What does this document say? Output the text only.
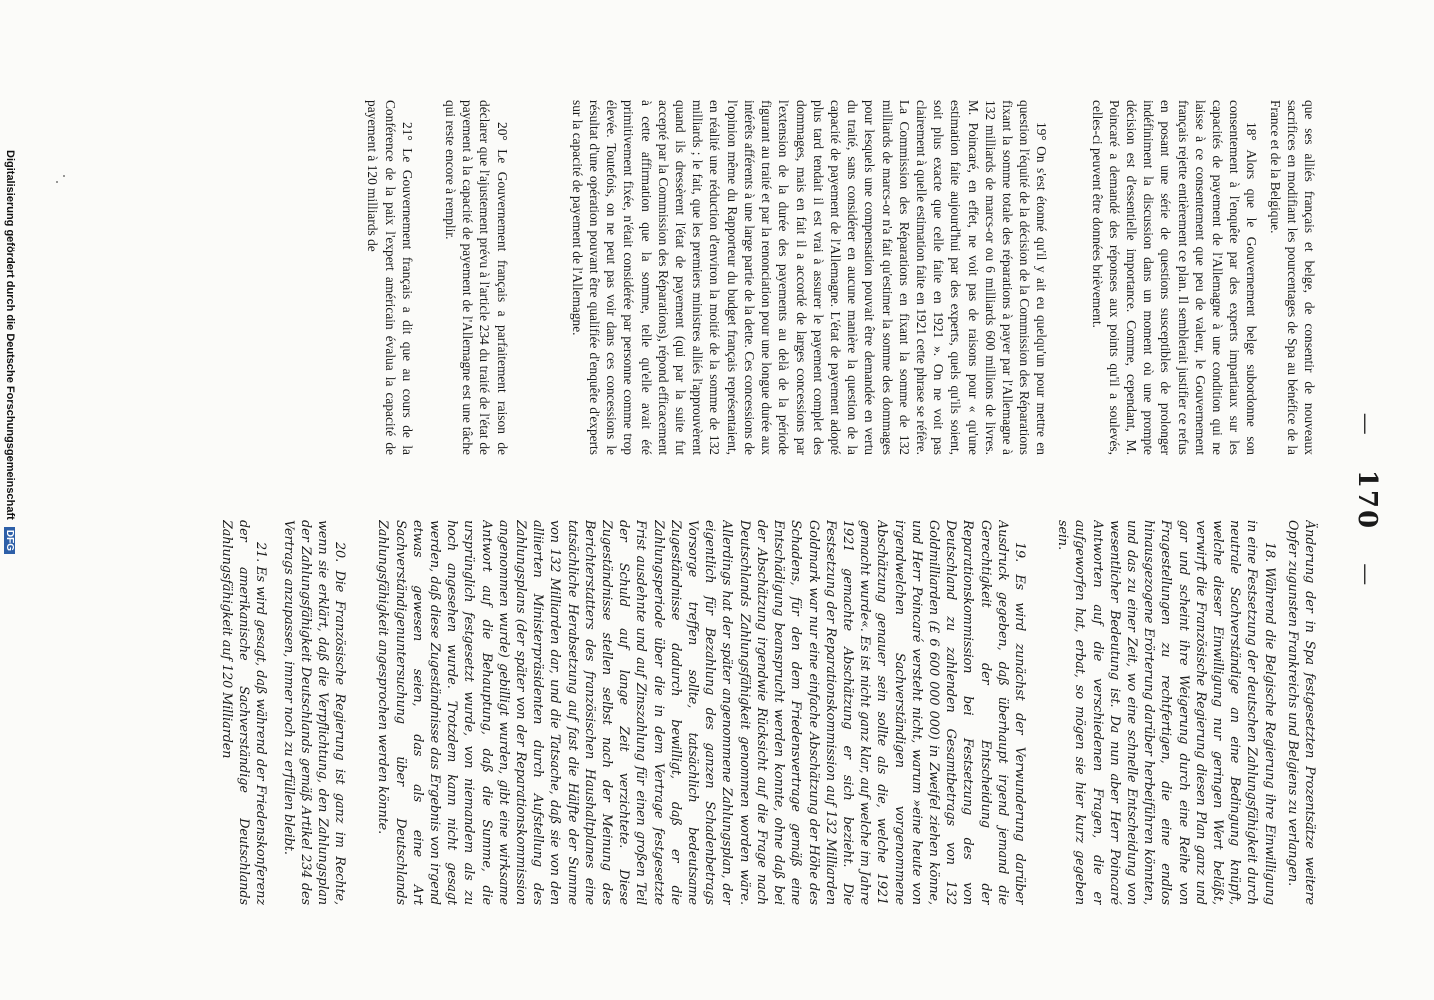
—   170   —

que ses alliés français et belge, de consentir de nouveaux sacrifices en modifiant les pourcentages de Spa au bénéfice de la France et de la Belgique.

18° Alors que le Gouvernement belge subordonne son consentement à l'enquête par des experts impartiaux sur les capacités de payement de l'Allemagne à une condition qui ne laisse à ce consentement que peu de valeur, le Gouvernement français rejette entièrement ce plan. Il semblerait justifier ce refus en posant une série de questions susceptibles de prolonger indéfiniment la discussion dans un moment où une prompte décision est d'essentielle importance. Comme, cependant, M. Poincaré a demandé des réponses aux points qu'il a soulevés, celles-ci peuvent être données brièvement.

19° On s'est étonné qu'il y ait eu quelqu'un pour mettre en question l'équité de la décision de la Commission des Réparations fixant la somme totale des réparations à payer par l'Allemagne à 132 milliards de marcs-or ou 6 milliards 600 millions de livres. M. Poincaré, en effet, ne voit pas de raisons pour « qu'une estimation faite aujourd'hui par des experts, quels qu'ils soient, soit plus exacte que celle faite en 1921 ». On ne voit pas clairement à quelle estimation faite en 1921 cette phrase se réfère. La Commission des Réparations en fixant la somme de 132 milliards de marcs-or n'a fait qu'estimer la somme des dommages pour lesquels une compensation pouvait être demandée en vertu du traité, sans considérer en aucune manière la question de la capacité de payement de l'Allemagne. L'état de payement adopté plus tard tendait il est vrai à assurer le payement complet des dommages, mais en fait il a accordé de larges concessions par l'extension de la durée des payements au delà de la période figurant au traité et par la renonciation pour une longue durée aux intérêts afférents à une large partie de la dette. Ces concessions de l'opinion même du Rapporteur du budget français représentaient, en réalité une réduction d'environ la moitié de la somme de 132 milliards ; le fait, que les premiers ministres alliés l'approuvèrent quand ils dressèrent l'état de payement (qui par la suite fut accepté par la Commission des Réparations), répond efficacement à cette affirmation que la somme, telle qu'elle avait été primitivement fixée, n'était considérée par personne comme trop élevée. Toutefois, on ne peut pas voir dans ces concessions le résultat d'une opération pouvant être qualifiée d'enquête d'experts sur la capacité de payement de l'Allemagne.

20° Le Gouvernement français a parfaitement raison de déclarer que l'ajustement prévu à l'article 234 du traité de l'état de payement à la capacité de payement de l'Allemagne est une tâche qui reste encore à remplir.

21° Le Gouvernement français a dit que au cours de la Conférence de la paix l'expert américain évalua la capacité de payement à 120 milliards de

Änderung der in Spa festgesetzten Prozentsätze weitere Opfer zugunsten Frankreichs und Belgiens zu verlangen.

18. Während die Belgische Regierung ihre Einwilligung in eine Festsetzung der deutschen Zahlungsfähigkeit durch neutrale Sachverständige an eine Bedingung knüpft, welche dieser Einwilligung nur geringen Wert beläßt, verwirft die Französische Regierung diesen Plan ganz und gar und scheint ihre Weigerung durch eine Reihe von Fragestellungen zu rechtfertigen, die eine endlos hinausgezogene Erörterung darüber herbeiführen könnten, und das zu einer Zeit, wo eine schnelle Entscheidung von wesentlicher Bedeutung ist. Da nun aber Herr Poincaré Antworten auf die verschiedenen Fragen, die er aufgeworfen hat, erbat, so mögen sie hier kurz gegeben sein.

19. Es wird zunächst der Verwunderung darüber Ausdruck gegeben, daß überhaupt irgend jemand die Gerechtigkeit der Entscheidung der Reparationskommission bei Festsetzung des von Deutschland zu zahlenden Gesamtbetrags von 132 Goldmilliarden (£ 6 600 000 000) in Zweifel ziehen könne, und Herr Poincaré versteht nicht, warum »eine heute von irgendwelchen Sachverständigen vorgenommene Abschätzung genauer sein sollte als die, welche 1921 gemacht wurde«. Es ist nicht ganz klar, auf welche im Jahre 1921 gemachte Abschätzung er sich bezieht. Die Festsetzung der Reparationskommission auf 132 Milliarden Goldmark war nur eine einfache Abschätzung der Höhe des Schadens, für den dem Friedensvertrage gemäß eine Entschädigung beansprucht werden konnte, ohne daß bei der Abschätzung irgendwie Rücksicht auf die Frage nach Deutschlands Zahlungsfähigkeit genommen worden wäre. Allerdings hat der später angenommene Zahlungsplan, der eigentlich für Bezahlung des ganzen Schadenbetrags Vorsorge treffen sollte, tatsächlich bedeutsame Zugeständnisse dadurch bewilligt, daß er die Zahlungsperiode über die in dem Vertrage festgesetzte Frist ausdehnte und auf Zinszahlung für einen großen Teil der Schuld auf lange Zeit verzichtete. Diese Zugeständnisse stellen selbst nach der Meinung des Berichterstatters des französischen Haushaltplanes eine tatsächliche Herabsetzung auf fast die Hälfte der Summe von 132 Milliarden dar, und die Tatsache, daß sie von den alliierten Ministerpräsidenten durch Aufstellung des Zahlungsplans (der später von der Reparationskommission angenommen wurde) gebilligt wurden, gibt eine wirksame Antwort auf die Behauptung, daß die Summe, die ursprünglich festgesetzt wurde, von niemandem als zu hoch angesehen wurde. Trotzdem kann nicht gesagt werden, daß diese Zugeständnisse das Ergebnis von irgend etwas gewesen seien, das als eine Art Sachverständigenuntersuchung über Deutschlands Zahlungsfähigkeit angesprochen werden könnte.

20. Die Französische Regierung ist ganz im Rechte, wenn sie erklärt, daß die Verpflichtung, den Zahlungsplan der Zahlungsfähigkeit Deutschlands gemäß Artikel 234 des Vertrags anzupassen, immer noch zu erfüllen bleibt.

21. Es wird gesagt, daß während der Friedenskonferenz der amerikanische Sachverständige Deutschlands Zahlungsfähigkeit auf 120 Milliarden

Digitalisierung gefördert durch die Deutsche Forschungsgemeinschaft DFG
